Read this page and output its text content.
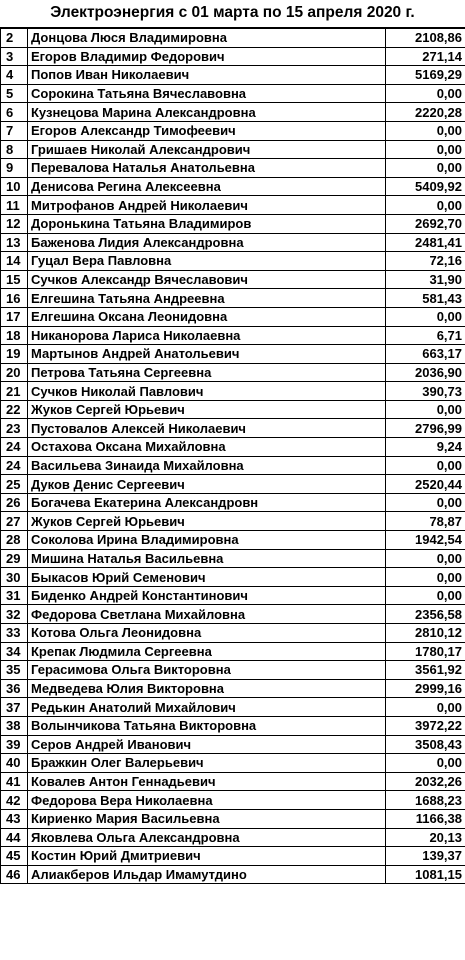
Электроэнергия с 01 марта по 15 апреля 2020 г.
2	Донцова Люся Владимировна	2108,86
3	Егоров Владимир Федорович	271,14
4	Попов Иван Николаевич	5169,29
5	Сорокина Татьяна Вячеславовна	0,00
6	Кузнецова Марина Александровна	2220,28
7	Егоров Александр Тимофеевич	0,00
8	Гришаев Николай Александрович	0,00
9	Перевалова Наталья Анатольевна	0,00
10	Денисова Регина Алексеевна	5409,92
11	Митрофанов Андрей Николаевич	0,00
12	Доронькина Татьяна Владимиров	2692,70
13	Баженова Лидия Александровна	2481,41
14	Гуцал Вера Павловна	72,16
15	Сучков Александр Вячеславович	31,90
16	Елгешина Татьяна Андреевна	581,43
17	Елгешина Оксана Леонидовна	0,00
18	Никанорова Лариса Николаевна	6,71
19	Мартынов Андрей Анатольевич	663,17
20	Петрова Татьяна Сергеевна	2036,90
21	Сучков Николай Павлович	390,73
22	Жуков Сергей Юрьевич	0,00
23	Пустовалов Алексей Николаевич	2796,99
24	Остахова Оксана Михайловна	9,24
24	Васильева Зинаида Михайловна	0,00
25	Дуков Денис Сергеевич	2520,44
26	Богачева Екатерина Александровн	0,00
27	Жуков Сергей Юрьевич	78,87
28	Соколова Ирина Владимировна	1942,54
29	Мишина Наталья Васильевна	0,00
30	Быкасов Юрий Семенович	0,00
31	Биденко Андрей Константинович	0,00
32	Федорова Светлана Михайловна	2356,58
33	Котова Ольга Леонидовна	2810,12
34	Крепак Людмила Сергеевна	1780,17
35	Герасимова Ольга Викторовна	3561,92
36	Медведева Юлия Викторовна	2999,16
37	Редькин Анатолий Михайлович	0,00
38	Волынчикова Татьяна Викторовна	3972,22
39	Серов Андрей Иванович	3508,43
40	Бражкин Олег Валерьевич	0,00
41	Ковалев Антон Геннадьевич	2032,26
42	Федорова Вера Николаевна	1688,23
43	Кириенко Мария Васильевна	1166,38
44	Яковлева Ольга Александровна	20,13
45	Костин Юрий Дмитриевич	139,37
46	Алиакберов Ильдар Имамутдино	1081,15
